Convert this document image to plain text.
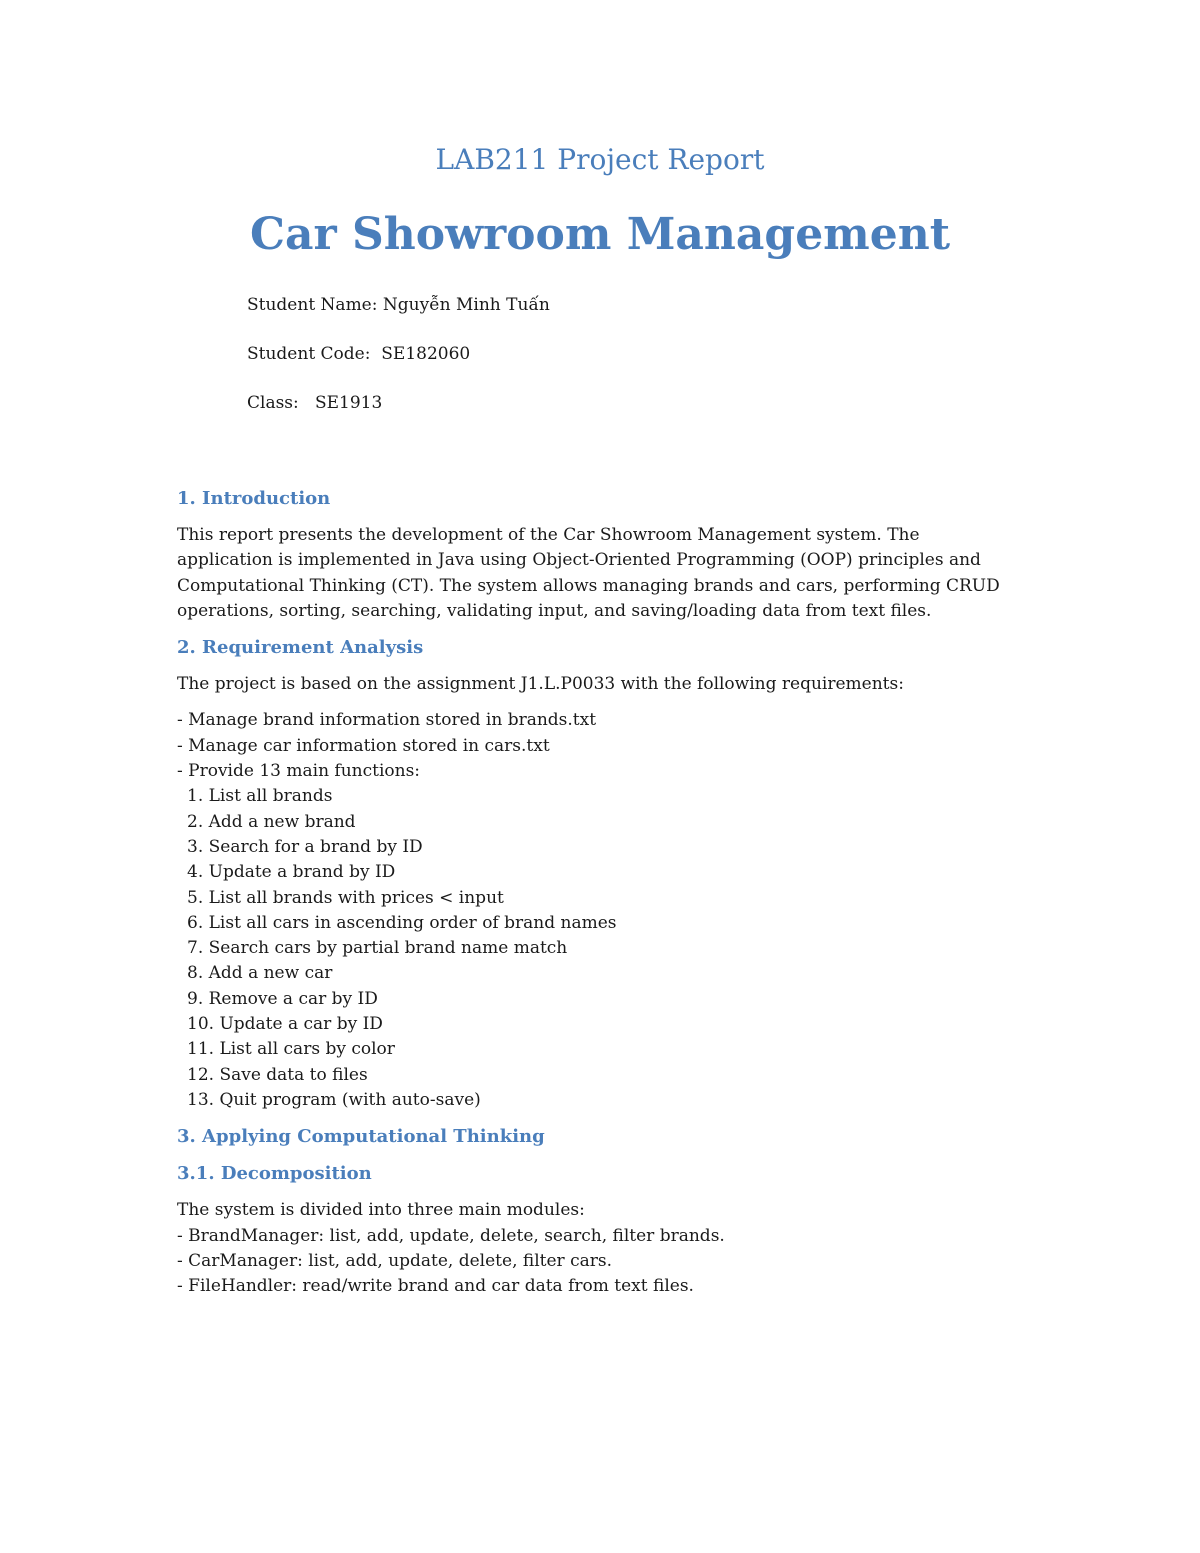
LAB211 Project Report
Car Showroom Management

Student Name: Nguyễn Minh Tuấn

Student Code:  SE182060

Class:   SE1913

1. Introduction
This report presents the development of the Car Showroom Management system. The application is implemented in Java using Object-Oriented Programming (OOP) principles and Computational Thinking (CT). The system allows managing brands and cars, performing CRUD operations, sorting, searching, validating input, and saving/loading data from text files.
2. Requirement Analysis
The project is based on the assignment J1.L.P0033 with the following requirements:
- Manage brand information stored in brands.txt
- Manage car information stored in cars.txt
- Provide 13 main functions:
1. List all brands
2. Add a new brand
3. Search for a brand by ID
4. Update a brand by ID
5. List all brands with prices < input
6. List all cars in ascending order of brand names
7. Search cars by partial brand name match
8. Add a new car
9. Remove a car by ID
10. Update a car by ID
11. List all cars by color
12. Save data to files
13. Quit program (with auto-save)
3. Applying Computational Thinking
3.1. Decomposition
The system is divided into three main modules:
- BrandManager: list, add, update, delete, search, filter brands.
- CarManager: list, add, update, delete, filter cars.
- FileHandler: read/write brand and car data from text files.
